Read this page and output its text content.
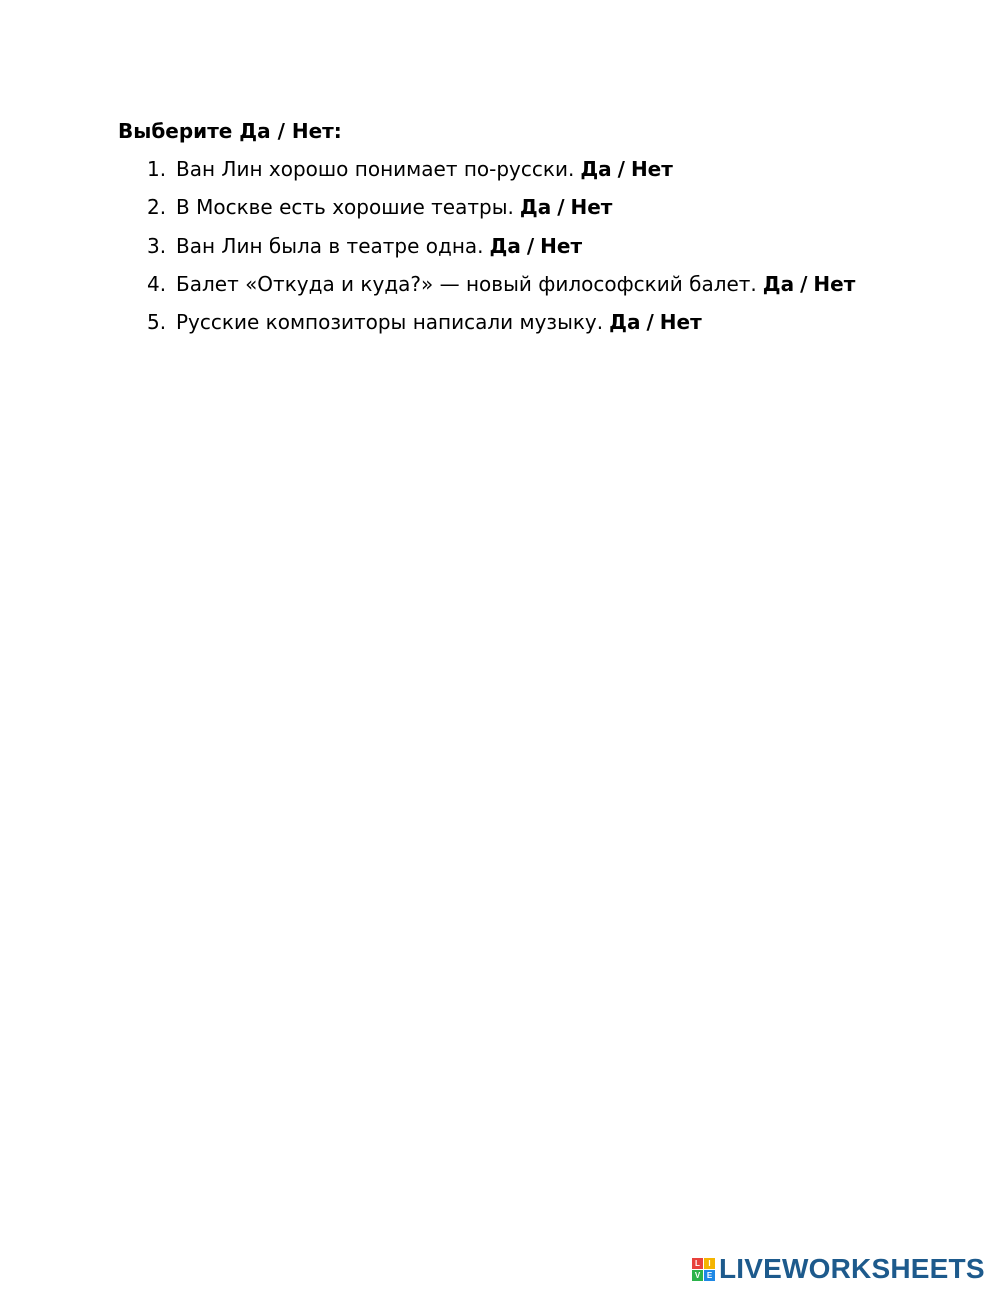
Выберите Да / Нет:
1. Ван Лин хорошо понимает по-русски. Да / Нет
2. В Москве есть хорошие театры. Да / Нет
3. Ван Лин была в театре одна. Да / Нет
4. Балет «Откуда и куда?» — новый философский балет. Да / Нет
5. Русские композиторы написали музыку. Да / Нет
L	I
V E LIVEWORKSHEETS
